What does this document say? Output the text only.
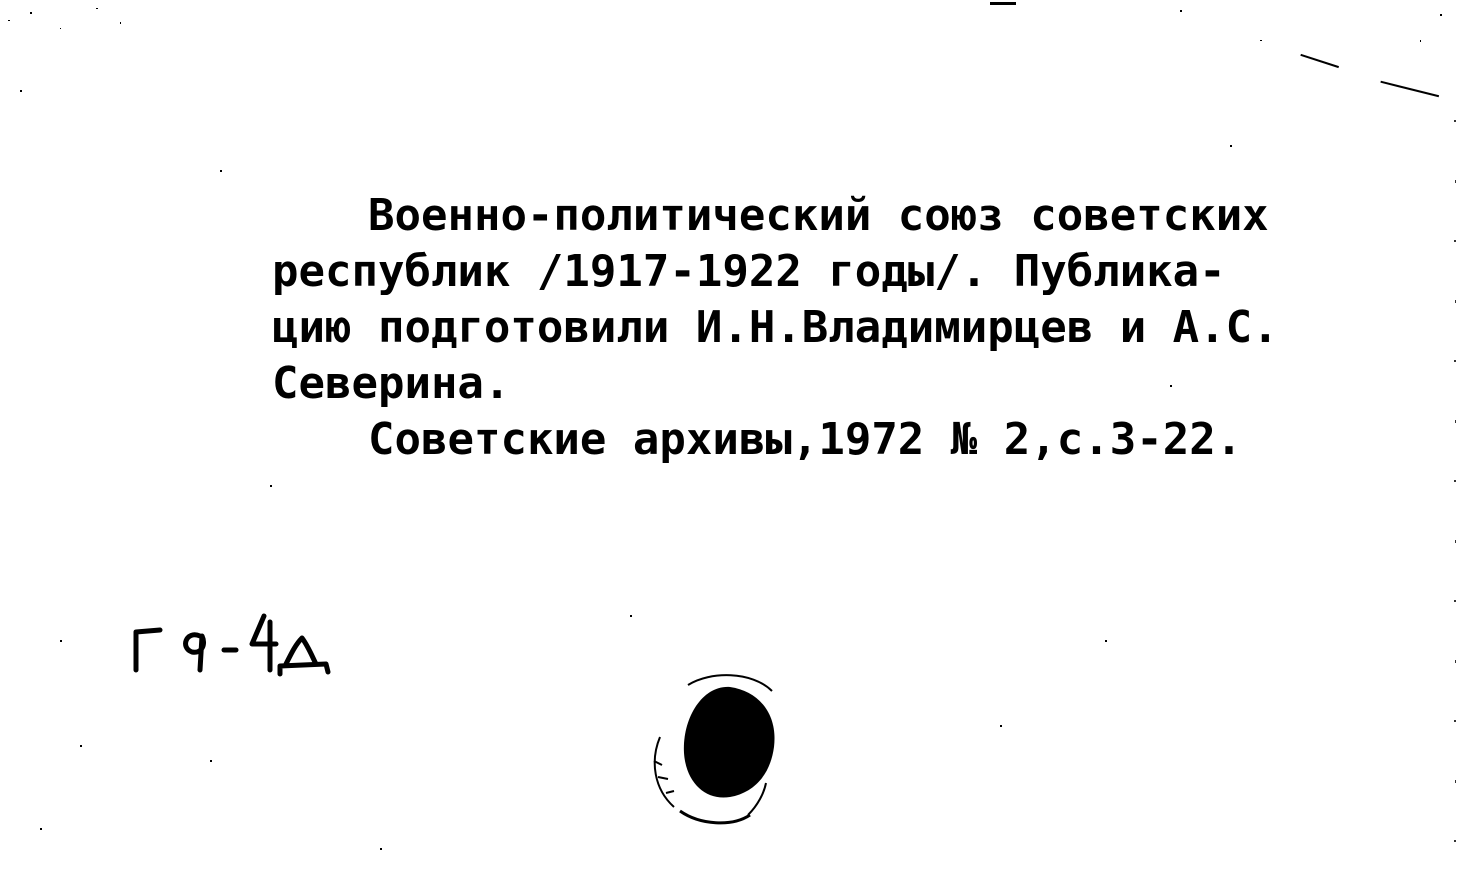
Военно-политический союз советских
республик /1917-1922 годы/. Публика-
цию подготовили И.Н.Владимирцев и А.С.
Северина.
Советские архивы,1972 № 2,с.3-22.
